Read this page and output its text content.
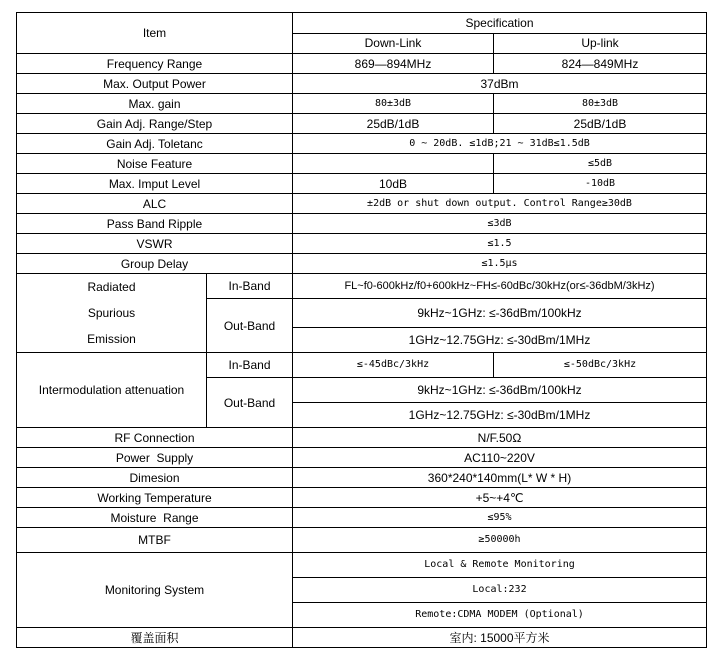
Item		Specification	
		Down-Link	Up-link
Frequency Range		869—894MHz	824—849MHz
Max. Output Power		37dBm	
Max. gain		80±3dB	80±3dB
Gain Adj. Range/Step		25dB/1dB	25dB/1dB
Gain Adj. Toletanc		0 ~ 20dB. ≤1dB;21 ~ 31dB≤1.5dB	
Noise Feature			≤5dB
Max. Imput Level		10dB	-10dB
ALC		±2dB or shut down output. Control Range≥30dB	
Pass Band Ripple		≤3dB	
VSWR		≤1.5	
Group Delay		≤1.5μs	

Radiated
Spurious
Emission	In-Band	FL~f0-600kHz/f0+600kHz~FH≤-60dBc/30kHz(or≤-36dbM/3kHz)	
	Out-Band	9kHz~1GHz: ≤-36dBm/100kHz	
		1GHz~12.75GHz: ≤-30dBm/1MHz	
Intermodulation attenuation	In-Band	≤-45dBc/3kHz	≤-50dBc/3kHz
	Out-Band	9kHz~1GHz: ≤-36dBm/100kHz	
		1GHz~12.75GHz: ≤-30dBm/1MHz	
RF Connection		N/F.50Ω	
Power  Supply		AC110~220V	
Dimesion		360*240*140mm(L* W * H)	
Working Temperature		+5~+4℃	
Moisture  Range		≤95%	
MTBF		≥50000h	
Monitoring System		Local & Remote Monitoring	
		Local:232	
		Remote:CDMA MODEM (Optional)	
覆盖面积		室内: 15000平方米	
